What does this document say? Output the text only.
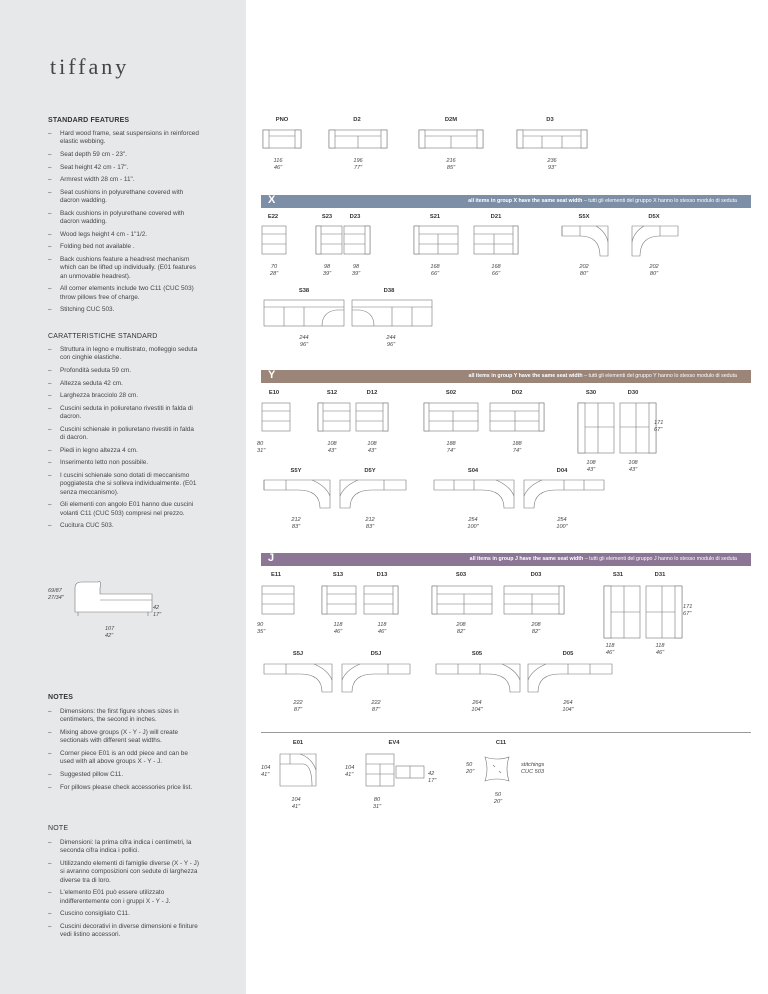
tiffany
STANDARD FEATURES
– Hard wood frame, seat suspensions in reinforced elastic webbing.
– Seat depth 59 cm - 23".
– Seat height 42 cm - 17".
– Armrest width 28 cm - 11".
– Seat cushions in polyurethane covered with dacron wadding.
– Back cushions in polyurethane covered with dacron wadding.
– Wood legs height 4 cm - 1"1/2.
– Folding bed not available .
– Back cushions feature a headrest mechanism which can be lifted up individually. (E01 features an unmovable headrest).
– All corner elements include two C11 (CUC 503) throw pillows free of charge.
– Stitching CUC 503.
CARATTERISTICHE STANDARD
– Struttura in legno e multistrato, molleggio seduta con cinghie elastiche.
– Profondità seduta 59 cm.
– Altezza seduta 42 cm.
– Larghezza bracciolo 28 cm.
– Cuscini seduta in poliuretano rivestiti in falda di dacron.
– Cuscini schienale in poliuretano rivestiti in falda di dacron.
– Piedi in legno altezza 4 cm.
– Inserimento letto non possibile.
– I cuscini schienale sono dotati di meccanismo poggiatesta che si solleva individualmente. (E01 senza meccanismo).
– Gli elementi con angolo E01 hanno due cuscini volanti C11 (CUC 503) compresi nel prezzo.
– Cucitura CUC 503.
69/87
27/34"
42
17"
107
42"
NOTES
– Dimensions: the first figure shows sizes in centimeters, the second in inches.
– Mixing above groups (X - Y - J) will create sectionals with different seat widths.
– Corner piece E01 is an odd piece and can be used with all above groups X - Y - J.
– Suggested pillow C11.
– For pillows please check accessories price list.
NOTE
– Dimensioni: la prima cifra indica i centimetri, la seconda cifra indica i pollici.
– Utilizzando elementi di famiglie diverse (X - Y - J) si avranno composizioni con sedute di larghezza diverse tra di loro.
– L'elemento E01 può essere utilizzato indifferentemente con i gruppi X - Y - J.
– Cuscino consigliato C11.
– Cuscini decorativi in diverse dimensioni e finiture vedi listino accessori.
PNO	D2	D2M	D3
116
46"
196
77"
216
85"
236
93"
X	all items in group X have the same seat width – tutti gli elementi del gruppo X hanno lo stesso modulo di seduta
E22	S23	D23	S21	D21	S5X	D5X
70
28"
98
39"
98
39"
168
66"
168
66"
202
80"
202
80"
S38	D38
244
96"
244
96"
Y	all items in group Y have the same seat width – tutti gli elementi del gruppo Y hanno lo stesso modulo di seduta
E10	S12	D12	S02	D02	S30	D30
171
67"
80
31"
108
43"
108
43"
188
74"
188
74"
108
43"
108
43"
S5Y	D5Y	S04	D04
212
83"
212
83"
254
100"
254
100"
J	all items in group J have the same seat width – tutti gli elementi del gruppo J hanno lo stesso modulo di seduta
E11	S13	D13	S03	D03	S31	D31
171
67"
90
35"
118
46"
118
46"
208
82"
208
82"
118
46"
118
46"
S5J	D5J	S05	D05
222
87"
222
87"
264
104"
264
104"
E01	EV4	C11
104
41"
104
41"
104
41"
80
31"
42
17"
50
20"
50
20"
stitchings
CUC 503
